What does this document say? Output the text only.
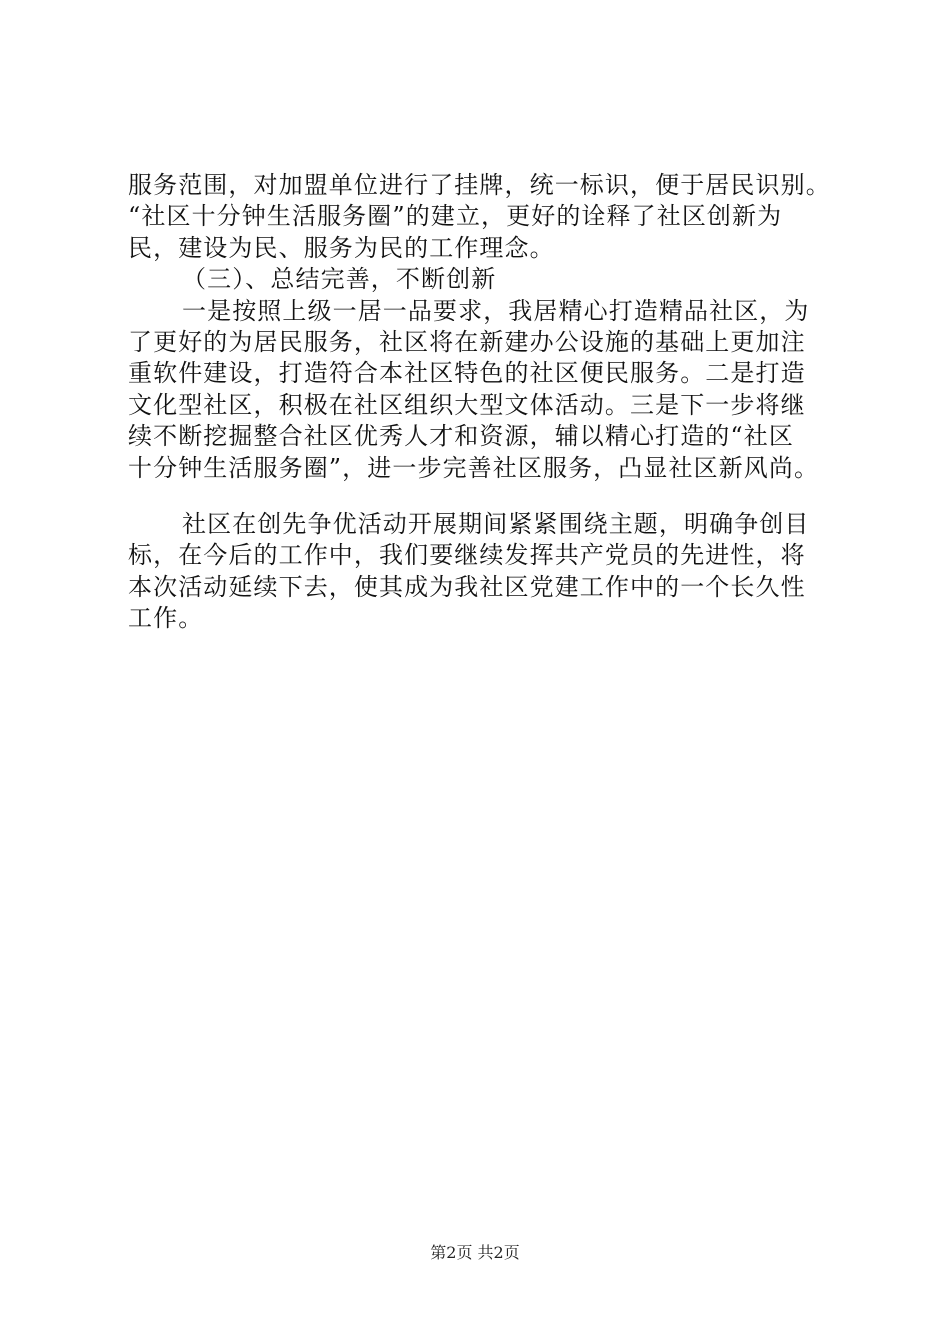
服务范围，对加盟单位进行了挂牌，统一标识，便于居民识别。
“社区十分钟生活服务圈”的建立，更好的诠释了社区创新为
民，建设为民、服务为民的工作理念。
（三）、总结完善，不断创新
一是按照上级一居一品要求，我居精心打造精品社区，为
了更好的为居民服务，社区将在新建办公设施的基础上更加注
重软件建设，打造符合本社区特色的社区便民服务。二是打造
文化型社区，积极在社区组织大型文体活动。三是下一步将继
续不断挖掘整合社区优秀人才和资源，辅以精心打造的“社区
十分钟生活服务圈”，进一步完善社区服务，凸显社区新风尚。
社区在创先争优活动开展期间紧紧围绕主题，明确争创目
标，在今后的工作中，我们要继续发挥共产党员的先进性，将
本次活动延续下去，使其成为我社区党建工作中的一个长久性
工作。
第2页 共2页
